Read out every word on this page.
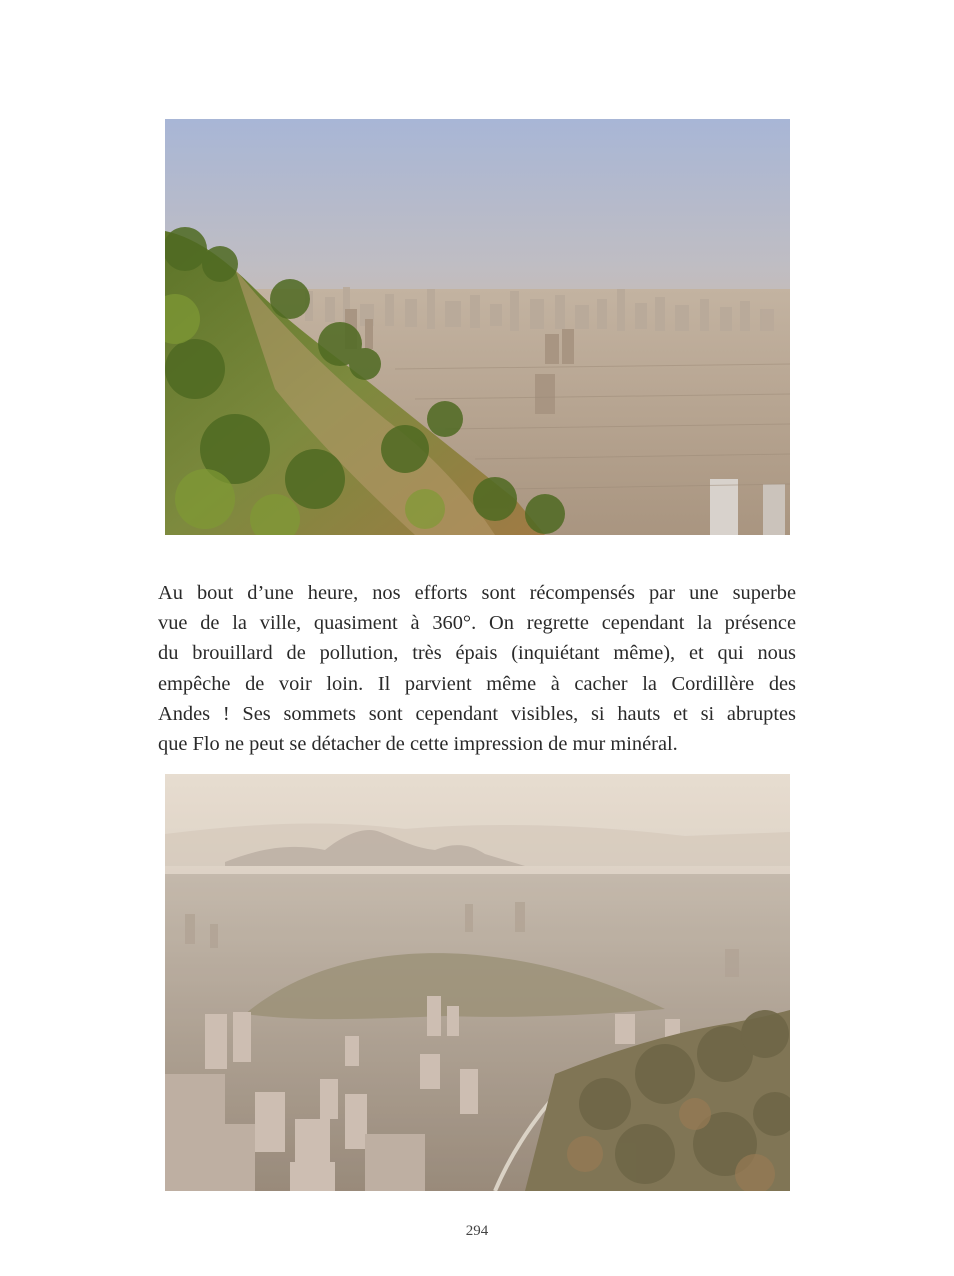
Au bout d’une heure, nos efforts sont récompensés par une superbe
vue de la ville, quasiment à 360°. On regrette cependant la présence
du brouillard de pollution, très épais (inquiétant même), et qui nous
empêche de voir loin. Il parvient même à cacher la Cordillère des
Andes ! Ses sommets sont cependant visibles, si hauts et si abruptes
que Flo ne peut se détacher de cette impression de mur minéral.

294
